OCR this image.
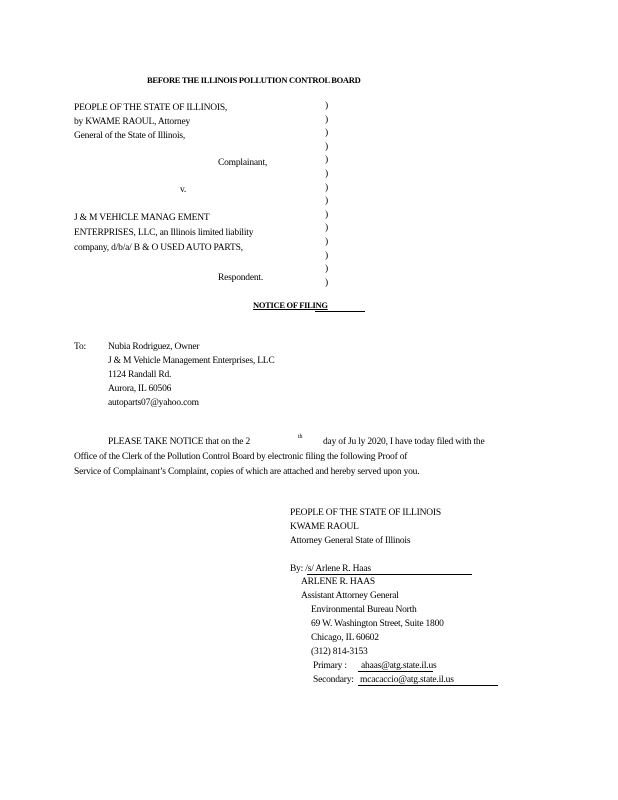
BEFORE THE ILLINOIS POLLUTION CONTROL BOARD
PEOPLE OF THE STATE OF ILLINOIS,
by KWAME RAOUL, Attorney
General of the State of Illinois,
Complainant,
v.
J & M VEHICLE MANAG EMENT
ENTERPRISES, LLC, an Illinois limited liability
company, d/b/a/ B & O USED AUTO PARTS,
Respondent.
)
)
)
)
)
)
)
)
)
)
)
)
)
)
NOTICE OF FILING
To: Nubia Rodriguez, Owner
J & M Vehicle Management Enterprises, LLC
1124 Randall Rd.
Aurora, IL 60506
autoparts07@yahoo.com
PLEASE TAKE NOTICE that on the 2	th day of Ju ly 2020, I have today filed with the
Office of the Clerk of the Pollution Control Board by electronic filing the following Proof of
Service of Complainant’s Complaint, copies of which are attached and hereby served upon you.
PEOPLE OF THE STATE OF ILLINOIS
KWAME RAOUL
Attorney General State of Illinois
By: /s/ Arlene R. Haas
ARLENE R. HAAS
Assistant Attorney General
Environmental Bureau North
69 W. Washington Street, Suite 1800
Chicago, IL 60602
(312) 814-3153
Primary : ahaas@atg.state.il.us
Secondary: mcacaccio@atg.state.il.us
